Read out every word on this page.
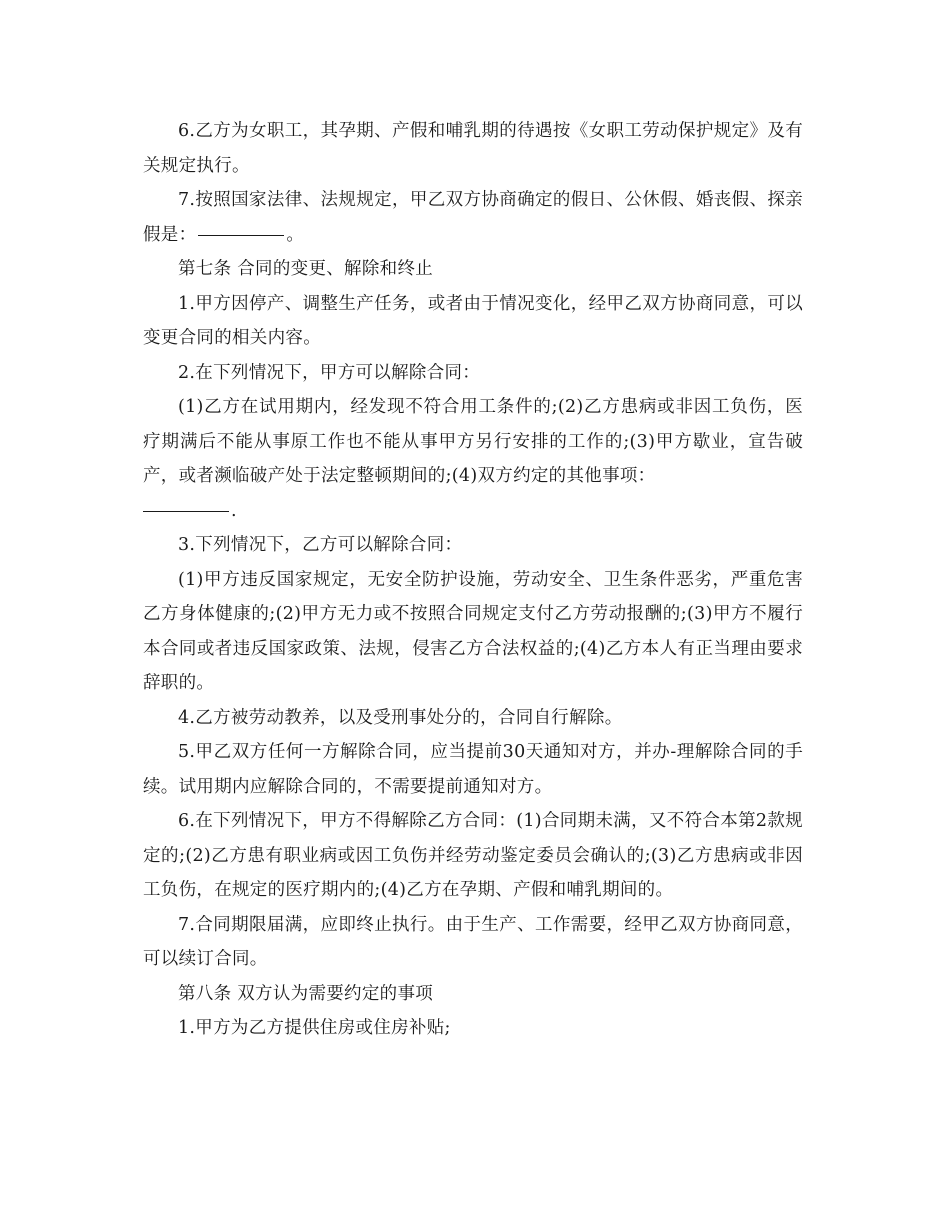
6.乙方为女职工，其孕期、产假和哺乳期的待遇按《女职工劳动保护规定》及有关规定执行。

7.按照国家法律、法规规定，甲乙双方协商确定的假日、公休假、婚丧假、探亲假是：	。

第七条 合同的变更、解除和终止

1.甲方因停产、调整生产任务，或者由于情况变化，经甲乙双方协商同意，可以变更合同的相关内容。

2.在下列情况下，甲方可以解除合同：

(1)乙方在试用期内，经发现不符合用工条件的;(2)乙方患病或非因工负伤，医疗期满后不能从事原工作也不能从事甲方另行安排的工作的;(3)甲方歇业，宣告破产，或者濒临破产处于法定整顿期间的;(4)双方约定的其他事项：

.

3.下列情况下，乙方可以解除合同：

(1)甲方违反国家规定，无安全防护设施，劳动安全、卫生条件恶劣，严重危害乙方身体健康的;(2)甲方无力或不按照合同规定支付乙方劳动报酬的;(3)甲方不履行本合同或者违反国家政策、法规，侵害乙方合法权益的;(4)乙方本人有正当理由要求辞职的。

4.乙方被劳动教养，以及受刑事处分的，合同自行解除。

5.甲乙双方任何一方解除合同，应当提前30天通知对方，并办-理解除合同的手续。试用期内应解除合同的，不需要提前通知对方。

6.在下列情况下，甲方不得解除乙方合同：(1)合同期未满，又不符合本第2款规定的;(2)乙方患有职业病或因工负伤并经劳动鉴定委员会确认的;(3)乙方患病或非因工负伤，在规定的医疗期内的;(4)乙方在孕期、产假和哺乳期间的。

7.合同期限届满，应即终止执行。由于生产、工作需要，经甲乙双方协商同意，可以续订合同。

第八条 双方认为需要约定的事项

1.甲方为乙方提供住房或住房补贴;
